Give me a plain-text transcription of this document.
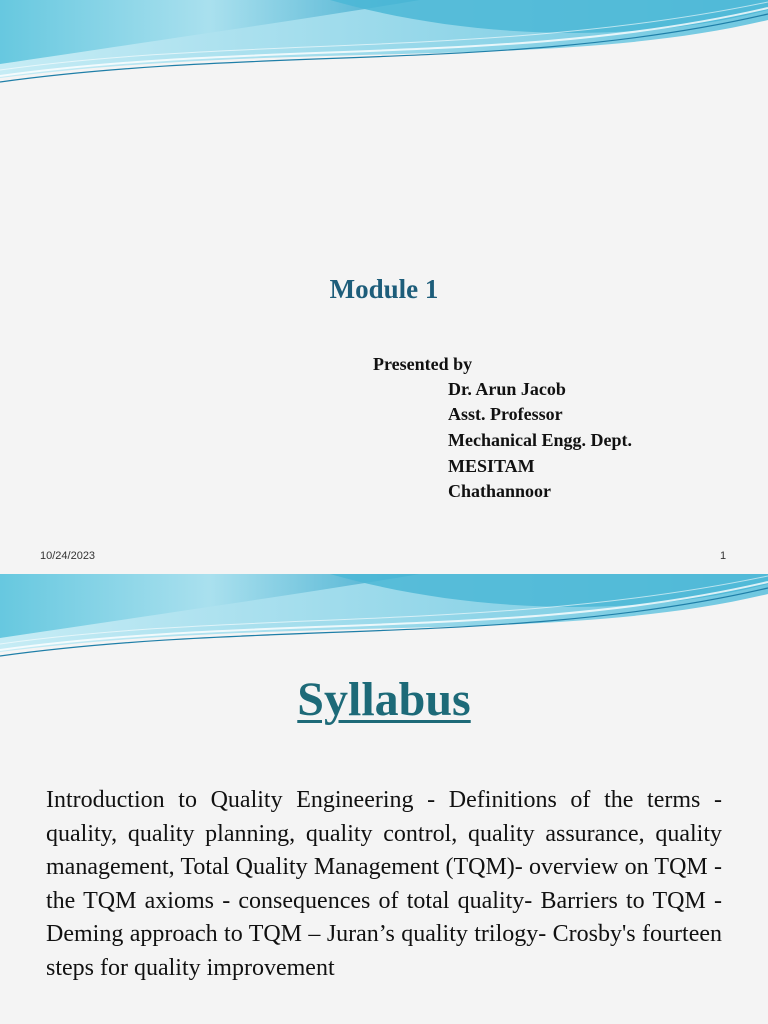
Module 1
Presented by
Dr. Arun Jacob
Asst. Professor
Mechanical Engg. Dept.
MESITAM
Chathannoor
10/24/2023	1
Syllabus

Introduction to Quality Engineering - Definitions of the terms - quality, quality planning, quality control, quality assurance, quality management, Total Quality Management (TQM)- overview on TQM - the TQM axioms - consequences of total quality- Barriers to TQM - Deming approach to TQM – Juran’s quality trilogy- Crosby's fourteen steps for quality improvement
